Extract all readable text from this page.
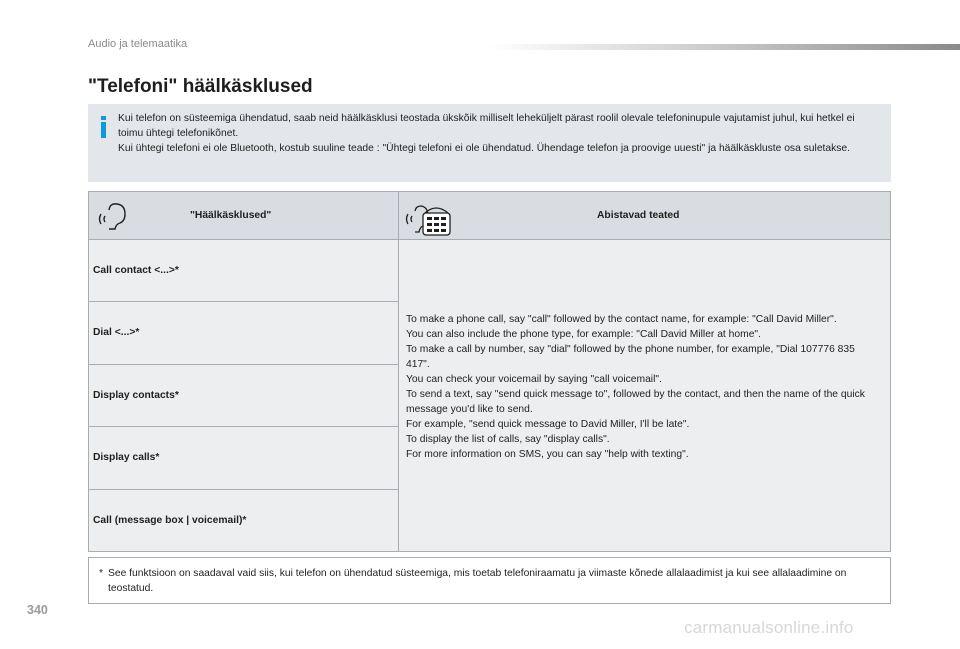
Audio ja telemaatika
"Telefoni" häälkäsklused

Kui telefon on süsteemiga ühendatud, saab neid häälkäsklusi teostada ükskõik milliselt leheküljelt pärast roolil olevale telefoninupule vajutamist juhul, kui hetkel ei toimu ühtegi telefonikõnet.

Kui ühtegi telefoni ei ole Bluetooth, kostub suuline teade : "Ühtegi telefoni ei ole ühendatud. Ühendage telefon ja proovige uuesti" ja häälkäskluste osa suletakse.

"Häälkäsklused"	Abistavad teated
Call contact <...>*
Dial <...>*
Display contacts*
Display calls*
Call (message box | voicemail)*

To make a phone call, say "call" followed by the contact name, for example: "Call David Miller".

You can also include the phone type, for example: "Call David Miller at home".

To make a call by number, say "dial" followed by the phone number, for example, "Dial 107776 835 417".

You can check your voicemail by saying "call voicemail".

To send a text, say "send quick message to", followed by the contact, and then the name of the quick message you'd like to send.

For example, "send quick message to David Miller, I'll be late".

To display the list of calls, say "display calls".

For more information on SMS, you can say "help with texting".

* See funktsioon on saadaval vaid siis, kui telefon on ühendatud süsteemiga, mis toetab telefoniraamatu ja viimaste kõnede allalaadimist ja kui see allalaadimine on teostatud.

340
carmanualsonline.info
